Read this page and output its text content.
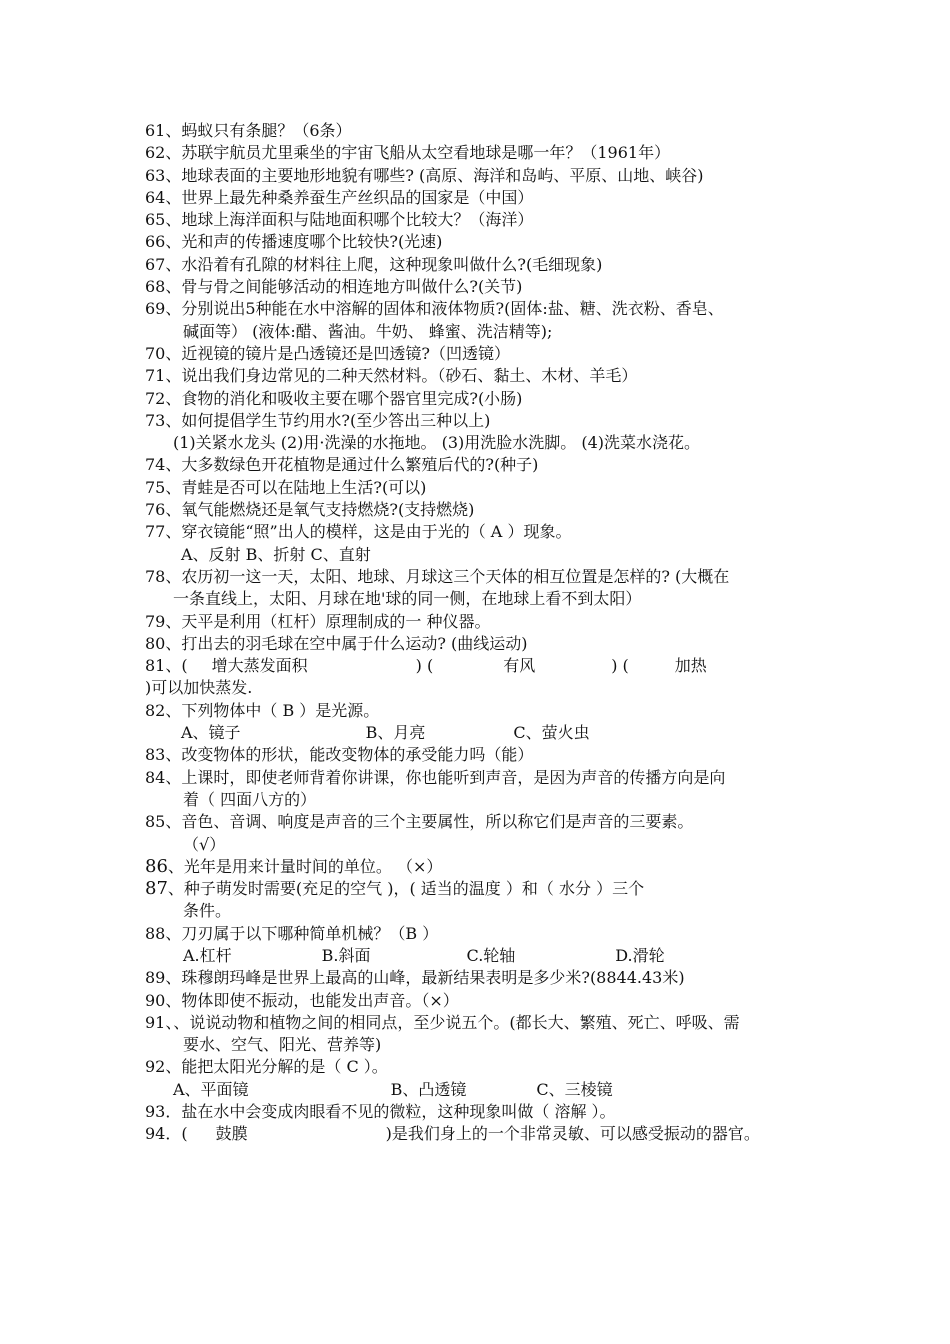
61、蚂蚁只有条腿？（6条）
62、苏联宇航员尤里乘坐的宇宙飞船从太空看地球是哪一年？（1961年）
63、地球表面的主要地形地貌有哪些? (高原、海洋和岛屿、平原、山地、峡谷)
64、世界上最先种桑养蚕生产丝织品的国家是（中国）
65、地球上海洋面积与陆地面积哪个比较大？（海洋）
66、光和声的传播速度哪个比较快?(光速)
67、水沿着有孔隙的材料往上爬，这种现象叫做什么?(毛细现象)
68、骨与骨之间能够活动的相连地方叫做什么?(关节)
69、分别说出5种能在水中溶解的固体和液体物质?(固体:盐、糖、洗衣粉、香皂、
碱面等） (液体:醋、酱油。牛奶、 蜂蜜、洗洁精等);
70、近视镜的镜片是凸透镜还是凹透镜?（凹透镜）
71、说出我们身边常见的二种天然材料。（砂石、黏土、木材、羊毛）
72、食物的消化和吸收主要在哪个器官里完成?(小肠)
73、如何提倡学生节约用水?(至少答出三种以上)
(1)关紧水龙头 (2)用·洗澡的水拖地。 (3)用洗脸水洗脚。 (4)洗菜水浇花。
74、大多数绿色开花植物是通过什么繁殖后代的?(种子)
75、青蛙是否可以在陆地上生活?(可以)
76、氧气能燃烧还是氧气支持燃烧?(支持燃烧)
77、穿衣镜能“照”出人的模样，这是由于光的（ A ）现象。
A、反射 B、折射 C、直射
78、农历初一这一天，太阳、地球、月球这三个天体的相互位置是怎样的? (大概在
一条直线上，太阳、月球在地'球的同一侧，在地球上看不到太阳）
79、天平是利用（杠杆）原理制成的一 种仪器。
80、打出去的羽毛球在空中属于什么运动? (曲线运动)
81、( 增大蒸发面积	) (	有风	) (	加热
)可以加快蒸发.
82、下列物体中（ B ）是光源。
A、镜子	B、月亮	C、萤火虫
83、改变物体的形状，能改变物体的承受能力吗（能）
84、上课时，即使老师背着你讲课，你也能听到声音，是因为声音的传播方向是向
着（ 四面八方的）
85、音色、音调、响度是声音的三个主要属性，所以称它们是声音的三要素。
（√）
86、光年是用来计量时间的单位。 （×）
87、种子萌发时需要(充足的空气 )，( 适当的温度 ）和（ 水分 ）三个
条件。
88、刀刃属于以下哪种简单机械？（B ）
A.杠杆	B.斜面	C.轮轴	D.滑轮
89、珠穆朗玛峰是世界上最高的山峰，最新结果表明是多少米?(8844.43米)
90、物体即使不振动，也能发出声音。（×）
91、、说说动物和植物之间的相同点，至少说五个。(都长大、繁殖、死亡、呼吸、需
要水、空气、阳光、营养等)
92、能把太阳光分解的是（ C ）。
A、平面镜	B、凸透镜	C、三棱镜
93．盐在水中会变成肉眼看不见的微粒，这种现象叫做（ 溶解 ）。
94．( 鼓膜	)是我们身上的一个非常灵敏、可以感受振动的器官。
